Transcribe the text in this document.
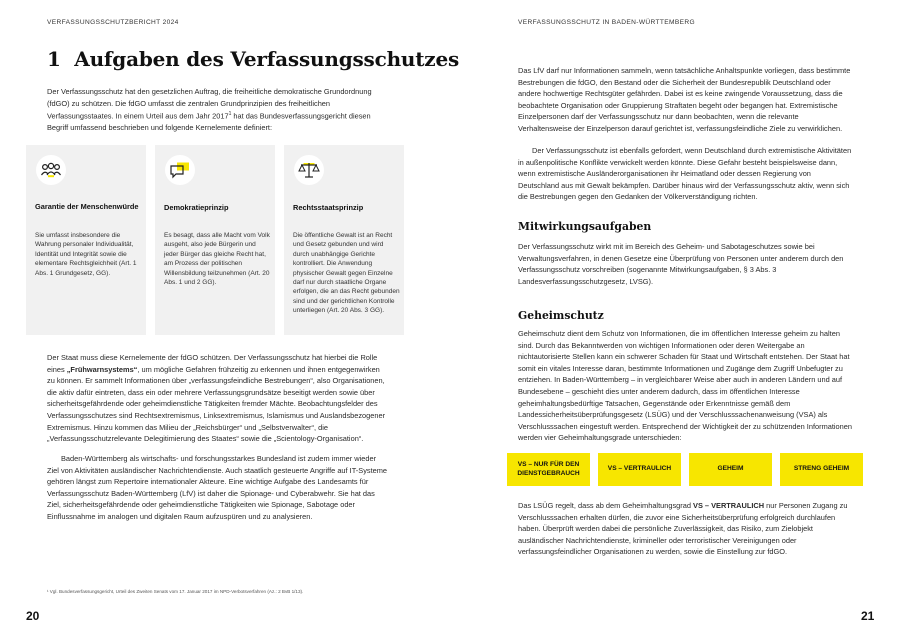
VERFASSUNGSSCHUTZBERICHT 2024
1 Aufgaben des Verfassungsschutzes
Der Verfassungsschutz hat den gesetzlichen Auftrag, die freiheitliche demokratische Grundordnung (fdGO) zu schützen. Die fdGO umfasst die zentralen Grundprinzipien des freiheitlichen Verfassungsstaates. In einem Urteil aus dem Jahr 2017$^1$ hat das Bundesverfassungsgericht diesen Begriff umfassend beschrieben und folgende Kernelemente definiert:
Garantie der Menschenwürde
Sie umfasst insbesondere die Wahrung personaler Individualität, Identität und Integrität sowie die elementare Rechtsgleichheit (Art. 1 Abs. 1 Grundgesetz, GG).
Demokratieprinzip
Es besagt, dass alle Macht vom Volk ausgeht, also jede Bürgerin und jeder Bürger das gleiche Recht hat, am Prozess der politischen Willensbildung teilzunehmen (Art. 20 Abs. 1 und 2 GG).
Rechtsstaatsprinzip
Die öffentliche Gewalt ist an Recht und Gesetz gebunden und wird durch unabhängige Gerichte kontrolliert. Die Anwendung physischer Gewalt gegen Einzelne darf nur durch staatliche Organe erfolgen, die an das Recht gebunden sind und der gerichtlichen Kontrolle unterliegen (Art. 20 Abs. 3 GG).
Der Staat muss diese Kernelemente der fdGO schützen. Der Verfassungsschutz hat hierbei die Rolle eines „Frühwarnsystems“, um mögliche Gefahren frühzeitig zu erkennen und ihnen entgegenwirken zu können. Er sammelt Informationen über „verfassungsfeindliche Bestrebungen“, also Organisationen, die aktiv dafür eintreten, dass ein oder mehrere Verfassungsgrundsätze beseitigt werden sowie über sicherheitsgefährdende oder geheimdienstliche Tätigkeiten fremder Mächte. Beobachtungsfelder des Verfassungsschutzes sind Rechtsextremismus, Linksextremismus, Islamismus und Auslandsbezogener Extremismus. Hinzu kommen das Milieu der „Reichsbürger“ und „Selbstverwalter“, die „Verfassungsschutzrelevante Delegitimierung des Staates“ sowie die „Scientology-Organisation“.
Baden-Württemberg als wirtschafts- und forschungsstarkes Bundesland ist zudem immer wieder Ziel von Aktivitäten ausländischer Nachrichtendienste. Auch staatlich gesteuerte Angriffe auf IT-Systeme gehören längst zum Repertoire internationaler Akteure. Eine wichtige Aufgabe des Landesamts für Verfassungsschutz Baden-Württemberg (LfV) ist daher die Spionage- und Cyberabwehr. Sie hat das Ziel, sicherheitsgefährdende oder geheimdienstliche Tätigkeiten wie Spionage, Sabotage oder Einflussnahme im analogen und digitalen Raum aufzuspüren und zu analysieren.
¹ Vgl. Bundesverfassungsgericht, Urteil des Zweiten Senats vom 17. Januar 2017 im NPD-Verbotsverfahren (Az.: 2 BvB 1/13).
20
VERFASSUNGSSCHUTZ IN BADEN-WÜRTTEMBERG
Das LfV darf nur Informationen sammeln, wenn tatsächliche Anhaltspunkte vorliegen, dass bestimmte Bestrebungen die fdGO, den Bestand oder die Sicherheit der Bundesrepublik Deutschland oder andere hochwertige Rechtsgüter gefährden. Dabei ist es keine zwingende Voraussetzung, dass die beobachtete Organisation oder Gruppierung Straftaten begeht oder begangen hat. Extremistische Einzelpersonen darf der Verfassungsschutz nur dann beobachten, wenn die relevante Verhaltensweise der Einzelperson darauf gerichtet ist, verfassungsfeindliche Ziele zu verwirklichen.
Der Verfassungsschutz ist ebenfalls gefordert, wenn Deutschland durch extremistische Aktivitäten in außenpolitische Konflikte verwickelt werden könnte. Diese Gefahr besteht beispielsweise dann, wenn extremistische Ausländerorganisationen ihr Heimatland oder dessen Regierung von Deutschland aus mit Gewalt bekämpfen. Darüber hinaus wird der Verfassungsschutz aktiv, wenn sich die Bestrebungen gegen den Gedanken der Völkerverständigung richten.
Mitwirkungsaufgaben
Der Verfassungsschutz wirkt mit im Bereich des Geheim- und Sabotageschutzes sowie bei Verwaltungsverfahren, in denen Gesetze eine Überprüfung von Personen unter anderem durch den Verfassungsschutz vorschreiben (sogenannte Mitwirkungsaufgaben, § 3 Abs. 3 Landesverfassungsschutzgesetz, LVSG).
Geheimschutz
Geheimschutz dient dem Schutz von Informationen, die im öffentlichen Interesse geheim zu halten sind. Durch das Bekanntwerden von wichtigen Informationen oder deren Weitergabe an nichtautorisierte Stellen kann ein schwerer Schaden für Staat und Wirtschaft entstehen. Der Staat hat somit ein vitales Interesse daran, bestimmte Informationen und Zugänge dem Zugriff Unbefugter zu entziehen. In Baden-Württemberg – in vergleichbarer Weise aber auch in anderen Ländern und auf Bundesebene – geschieht dies unter anderem dadurch, dass im öffentlichen Interesse geheimhaltungsbedürftige Tatsachen, Gegenstände oder Erkenntnisse gemäß dem Landessicherheitsüberprüfungsgesetz (LSÜG) und der Verschlusssachenanweisung (VSA) als Verschlusssachen eingestuft werden. Entsprechend der Wichtigkeit der zu schützenden Informationen werden vier Geheimhaltungsgrade unterschieden:
VS – NUR FÜR DEN DIENSTGEBRAUCH
VS – VERTRAULICH	GEHEIM	STRENG GEHEIM
Das LSÜG regelt, dass ab dem Geheimhaltungsgrad VS – VERTRAULICH nur Personen Zugang zu Verschlusssachen erhalten dürfen, die zuvor eine Sicherheitsüberprüfung erfolgreich durchlaufen haben. Überprüft werden dabei die persönliche Zuverlässigkeit, das Risiko, zum Zielobjekt ausländischer Nachrichtendienste, krimineller oder terroristischer Vereinigungen oder verfassungsfeindlicher Organisationen zu werden, sowie die Einstellung zur fdGO.
21
